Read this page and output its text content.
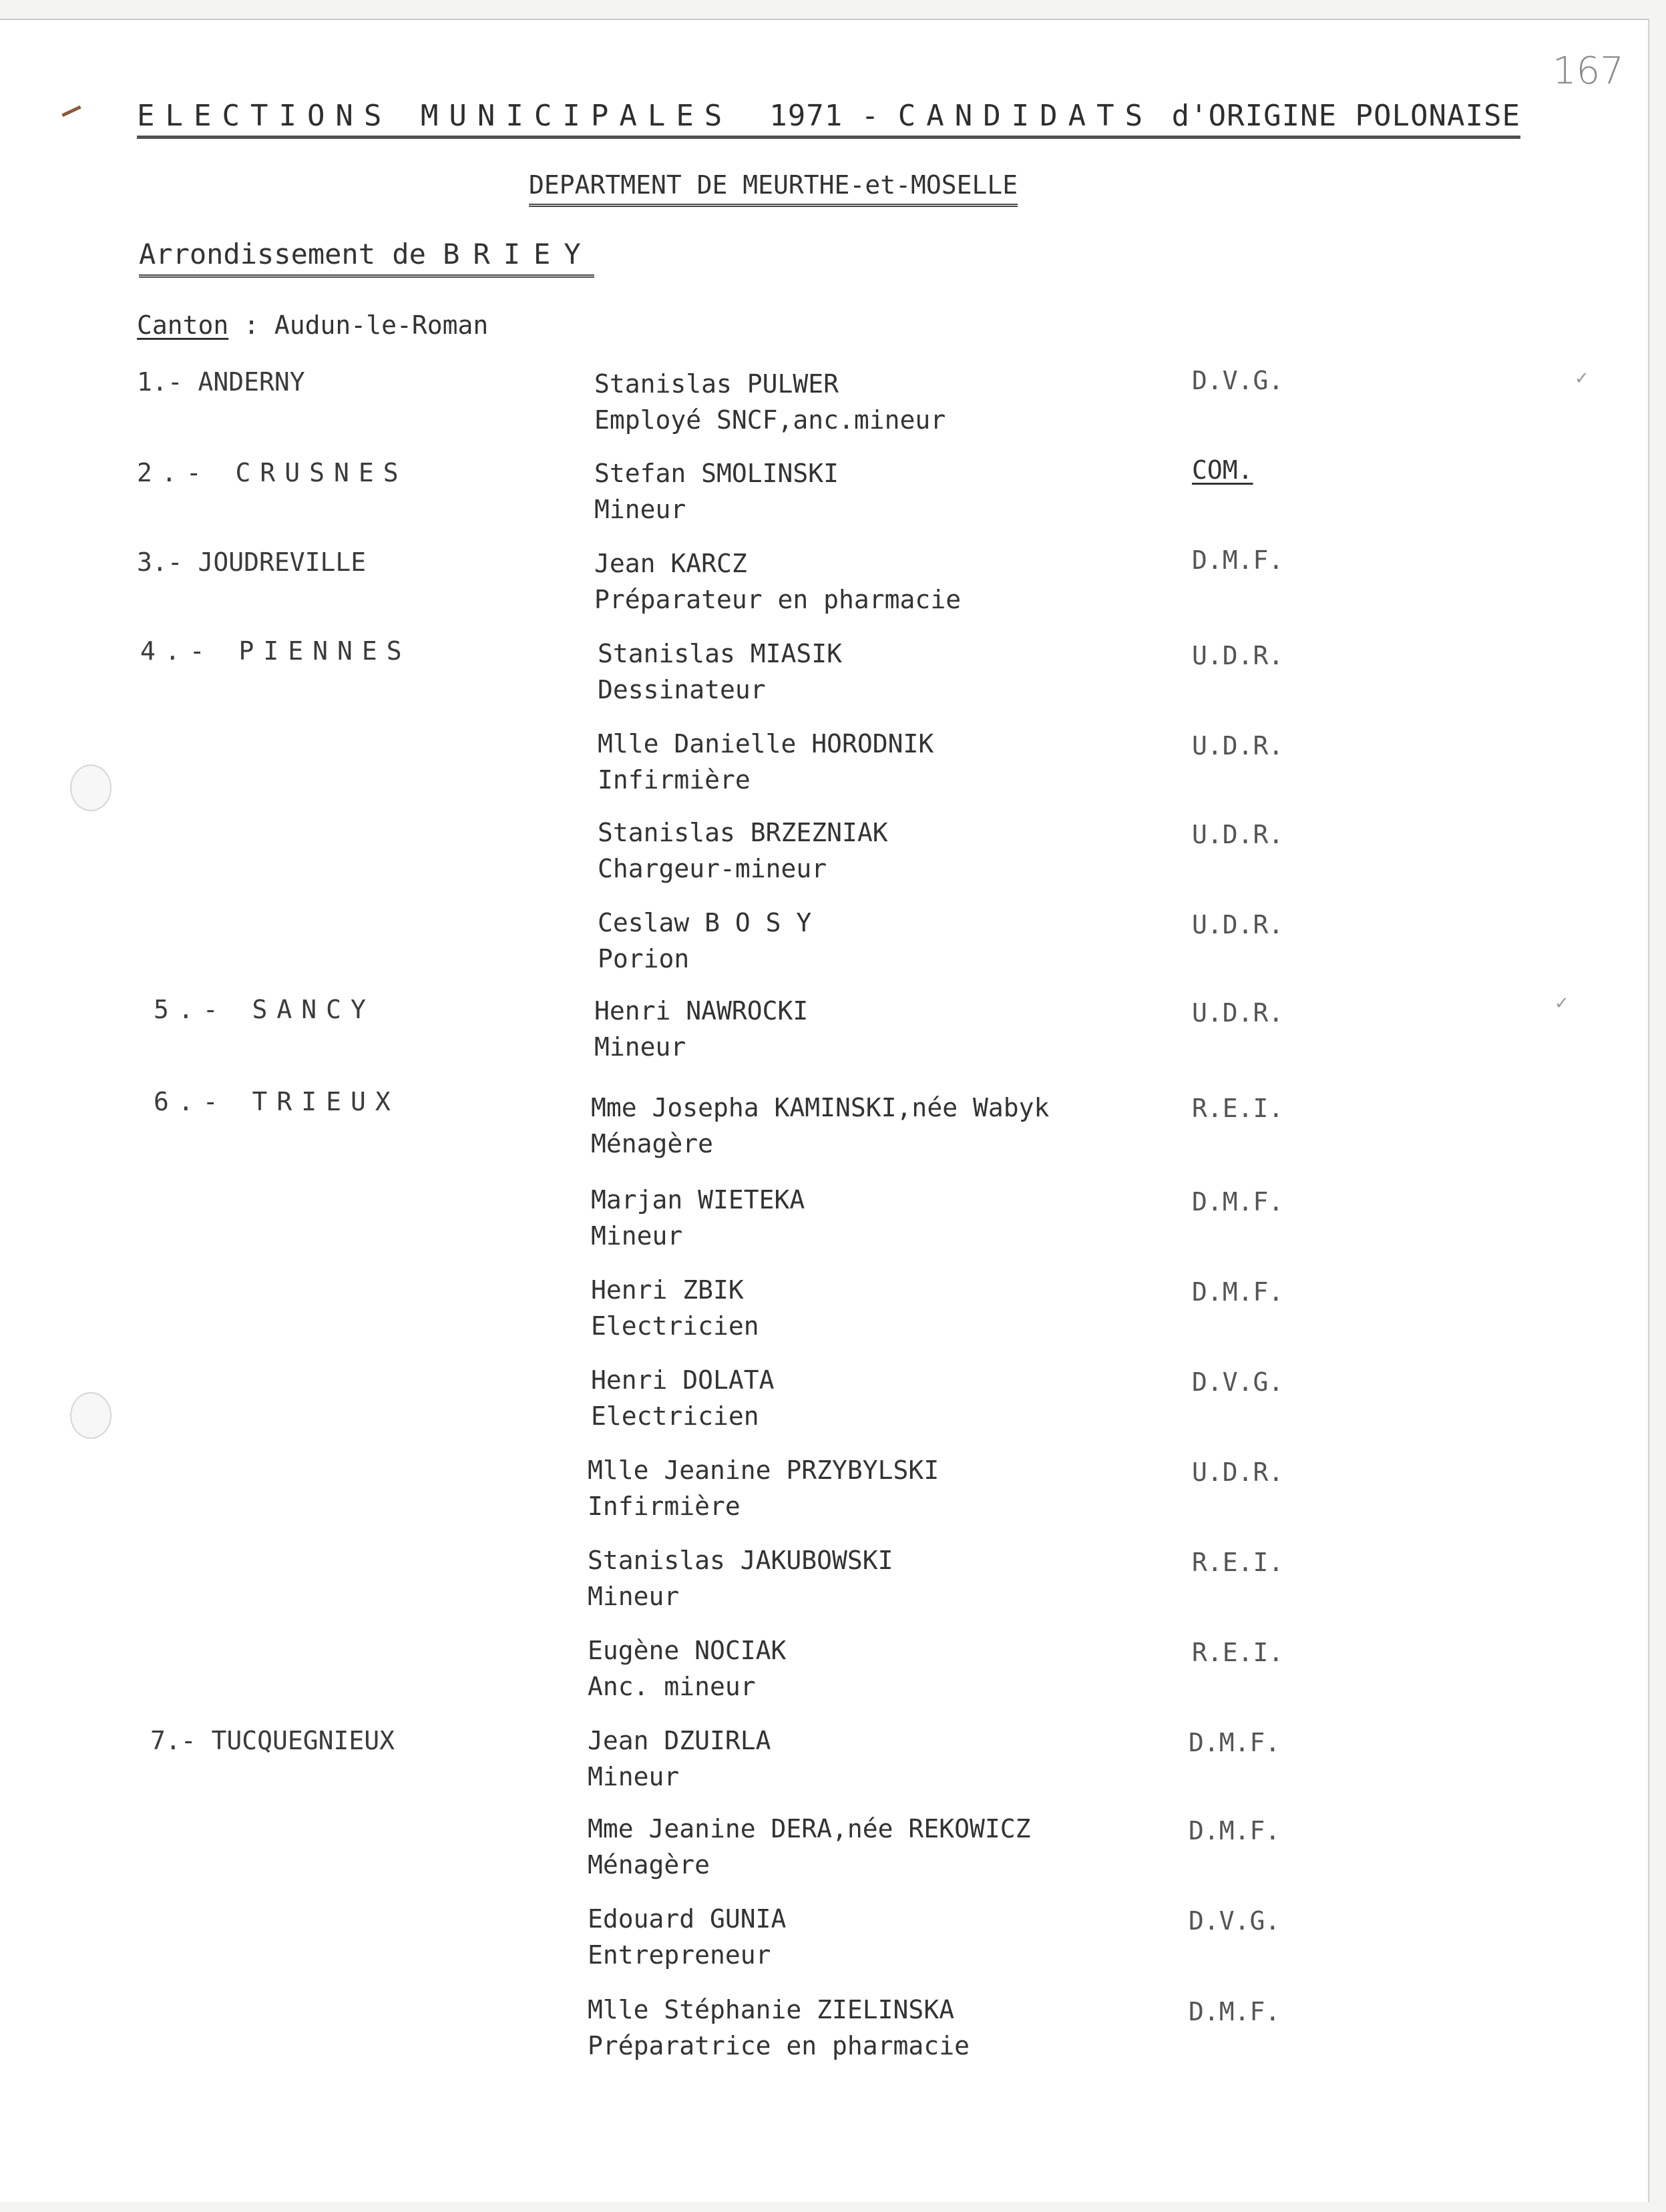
167
ELECTIONS MUNICIPALES 1971 - CANDIDATS d'ORIGINE POLONAISE
DEPARTMENT DE MEURTHE-et-MOSELLE
Arrondissement de BRIEY
Canton : Audun-le-Roman
1.- ANDERNY
2.- CRUSNES
3.- JOUDREVILLE
4.- PIENNES
5.- SANCY
6.- TRIEUX
7.- TUCQUEGNIEUX
Stanislas PULWER
Employé SNCF,anc.mineur
D.V.G.
Stefan SMOLINSKI
Mineur
COM.
Jean KARCZ
Préparateur en pharmacie
D.M.F.
Stanislas MIASIK
Dessinateur
U.D.R.
Mlle Danielle HORODNIK
Infirmière
U.D.R.
Stanislas BRZEZNIAK
Chargeur-mineur
U.D.R.
Ceslaw B O S Y
Porion
U.D.R.
Henri NAWROCKI
Mineur
U.D.R.
Mme Josepha KAMINSKI,née Wabyk
Ménagère
R.E.I.
Marjan WIETEKA
Mineur
D.M.F.
Henri ZBIK
Electricien
D.M.F.
Henri DOLATA
Electricien
D.V.G.
Mlle Jeanine PRZYBYLSKI
Infirmière
U.D.R.
Stanislas JAKUBOWSKI
Mineur
R.E.I.
Eugène NOCIAK
Anc. mineur
R.E.I.
Jean DZUIRLA
Mineur
D.M.F.
Mme Jeanine DERA,née REKOWICZ
Ménagère
D.M.F.
Edouard GUNIA
Entrepreneur
D.V.G.
Mlle Stéphanie ZIELINSKA
Préparatrice en pharmacie
D.M.F.
✓
✓
